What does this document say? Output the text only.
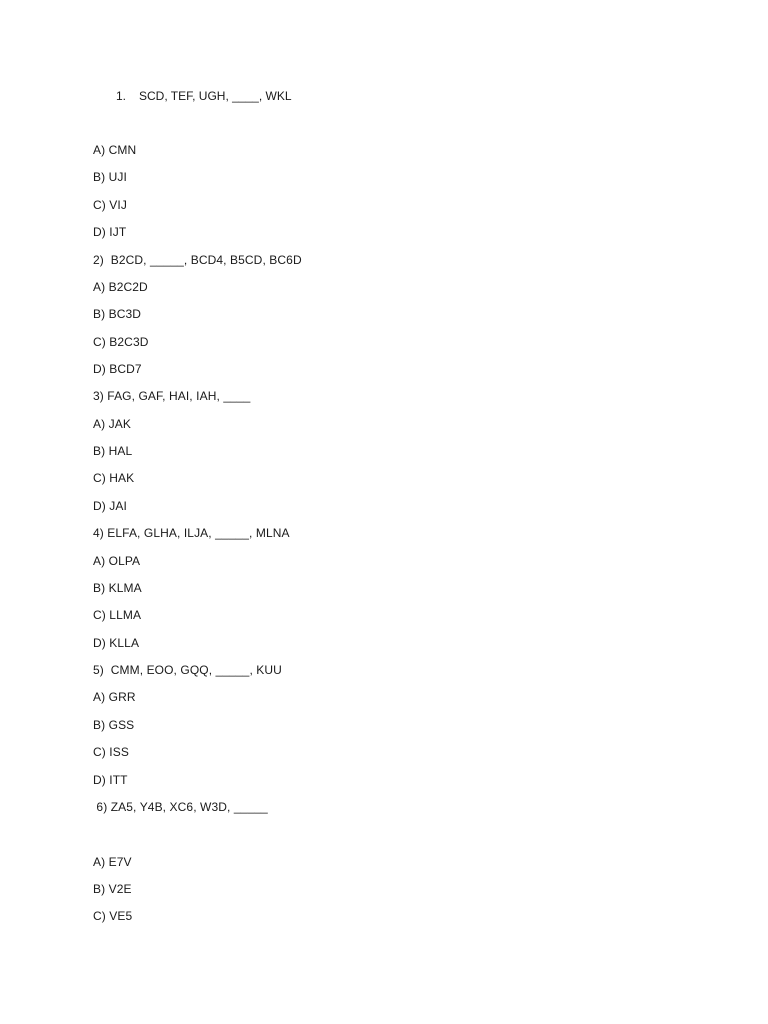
1. SCD, TEF, UGH, ____, WKL
A) CMN
B) UJI
C) VIJ
D) IJT
2)  B2CD, _____, BCD4, B5CD, BC6D
A) B2C2D
B) BC3D
C) B2C3D
D) BCD7
3) FAG, GAF, HAI, IAH, ____
A) JAK
B) HAL
C) HAK
D) JAI
4) ELFA, GLHA, ILJA, _____, MLNA
A) OLPA
B) KLMA
C) LLMA
D) KLLA
5)  CMM, EOO, GQQ, _____, KUU
A) GRR
B) GSS
C) ISS
D) ITT
6) ZA5, Y4B, XC6, W3D, _____
A) E7V
B) V2E
C) VE5
